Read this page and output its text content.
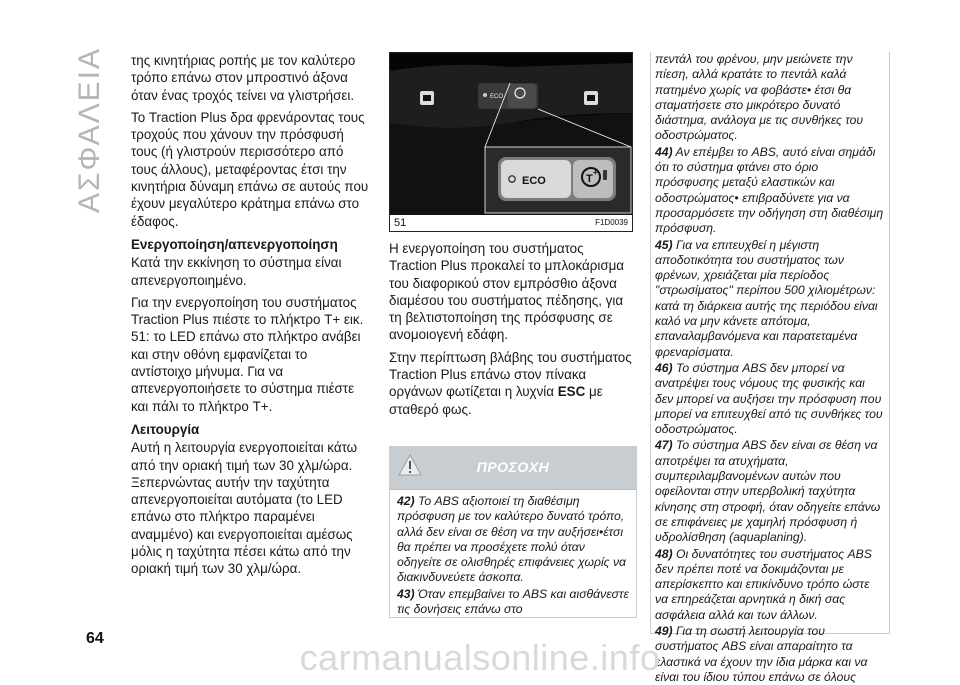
ΑΣΦΑΛΕΙΑ της κινητήριας ροπής με τον καλύτερο τρόπο επάνω στον μπροστινό άξονα όταν ένας τροχός τείνει να γλιστρήσει.

Το Traction Plus δρα φρενάροντας τους τροχούς που χάνουν την πρόσφυσή τους (ή γλιστρούν περισσότερο από τους άλλους), μεταφέροντας έτσι την κινητήρια δύναμη επάνω σε αυτούς που έχουν μεγαλύτερο κράτημα επάνω στο έδαφος.

Ενεργοποίηση/απενεργοποίηση

Κατά την εκκίνηση το σύστημα είναι απενεργοποιημένο.

Για την ενεργοποίηση του συστήματος Traction Plus πιέστε το πλήκτρο T+ εικ. 51: το LED επάνω στο πλήκτρο ανάβει και στην οθόνη εμφανίζεται το αντίστοιχο μήνυμα. Για να απενεργοποιήσετε το σύστημα πιέστε και πάλι το πλήκτρο T+.

Λειτουργία

Αυτή η λειτουργία ενεργοποιείται κάτω από την οριακή τιμή των 30 χλμ/ώρα. Ξεπερνώντας αυτήν την ταχύτητα απενεργοποιείται αυτόματα (το LED επάνω στο πλήκτρο παραμένει αναμμένο) και ενεργοποιείται αμέσως μόλις η ταχύτητα πέσει κάτω από την οριακή τιμή των 30 χλμ/ώρα.

ECO
ECO	T
+
51	F1D0039

Η ενεργοποίηση του συστήματος Traction Plus προκαλεί το μπλοκάρισμα του διαφορικού στον εμπρόσθιο άξονα διαμέσου του συστήματος πέδησης, για τη βελτιστοποίηση της πρόσφυσης σε ανομοιογενή εδάφη.

Στην περίπτωση βλάβης του συστήματος Traction Plus επάνω στον πίνακα οργάνων φωτίζεται η λυχνία ESC με σταθερό φως.

ΠΡΟΣΟΧΗ

42) Το ABS αξιοποιεί τη διαθέσιμη πρόσφυση με τον καλύτερο δυνατό τρόπο, αλλά δεν είναι σε θέση να την αυξήσει•έτσι θα πρέπει να προσέχετε πολύ όταν οδηγείτε σε ολισθηρές επιφάνειες χωρίς να διακινδυνεύετε άσκοπα.

43) Όταν επεμβαίνει το ABS και αισθάνεστε τις δονήσεις επάνω στο

πεντάλ του φρένου, μην μειώνετε την πίεση, αλλά κρατάτε το πεντάλ καλά πατημένο χωρίς να φοβάστε• έτσι θα σταματήσετε στο μικρότερο δυνατό διάστημα, ανάλογα με τις συνθήκες του οδοστρώματος.

44) Αν επέμβει το ABS, αυτό είναι σημάδι ότι το σύστημα φτάνει στο όριο πρόσφυσης μεταξύ ελαστικών και οδοστρώματος• επιβραδύνετε για να προσαρμόσετε την οδήγηση στη διαθέσιμη πρόσφυση.

45) Για να επιτευχθεί η μέγιστη αποδοτικότητα του συστήματος των φρένων, χρειάζεται μία περίοδος "στρωσίματος" περίπου 500 χιλιομέτρων: κατά τη διάρκεια αυτής της περιόδου είναι καλό να μην κάνετε απότομα, επαναλαμβανόμενα και παρατεταμένα φρεναρίσματα.

46) Το σύστημα ABS δεν μπορεί να ανατρέψει τους νόμους της φυσικής και δεν μπορεί να αυξήσει την πρόσφυση που μπορεί να επιτευχθεί από τις συνθήκες του οδοστρώματος.

47) Το σύστημα ABS δεν είναι σε θέση να αποτρέψει τα ατυχήματα, συμπεριλαμβανομένων αυτών που οφείλονται στην υπερβολική ταχύτητα κίνησης στη στροφή, όταν οδηγείτε επάνω σε επιφάνειες με χαμηλή πρόσφυση ή υδρολίσθηση (aquaplaning).

48) Οι δυνατότητες του συστήματος ABS δεν πρέπει ποτέ να δοκιμάζονται με απερίσκεπτο και επικίνδυνο τρόπο ώστε να επηρεάζεται αρνητικά η δική σας ασφάλεια αλλά και των άλλων.

49) Για τη σωστή λειτουργία του συστήματος ABS είναι απαραίτητο τα ελαστικά να έχουν την ίδια μάρκα και να είναι του ίδιου τύπου επάνω σε όλους

64	carmanualsonline.info
